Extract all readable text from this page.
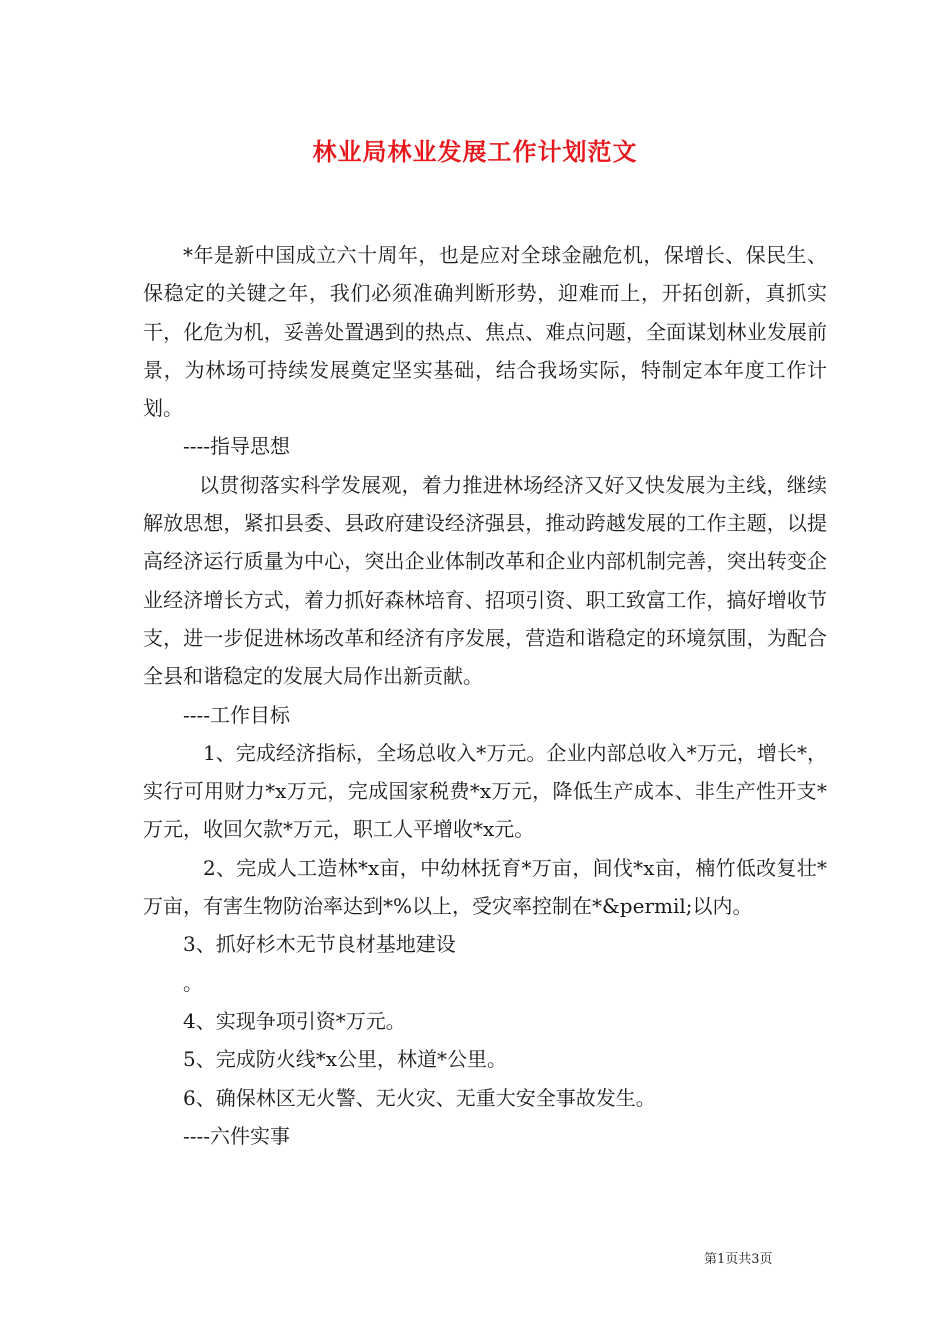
林业局林业发展工作计划范文

*年是新中国成立六十周年，也是应对全球金融危机，保增长、保民生、保稳定的关键之年，我们必须准确判断形势，迎难而上，开拓创新，真抓实干，化危为机，妥善处置遇到的热点、焦点、难点问题，全面谋划林业发展前景，为林场可持续发展奠定坚实基础，结合我场实际，特制定本年度工作计划。

----指导思想

以贯彻落实科学发展观，着力推进林场经济又好又快发展为主线，继续解放思想，紧扣县委、县政府建设经济强县，推动跨越发展的工作主题，以提高经济运行质量为中心，突出企业体制改革和企业内部机制完善，突出转变企业经济增长方式，着力抓好森林培育、招项引资、职工致富工作，搞好增收节支，进一步促进林场改革和经济有序发展，营造和谐稳定的环境氛围，为配合全县和谐稳定的发展大局作出新贡献。

----工作目标

1、完成经济指标，全场总收入*万元。企业内部总收入*万元，增长*，实行可用财力*x万元，完成国家税费*x万元，降低生产成本、非生产性开支*万元，收回欠款*万元，职工人平增收*x元。

2、完成人工造林*x亩，中幼林抚育*万亩，间伐*x亩，楠竹低改复壮*万亩，有害生物防治率达到*%以上，受灾率控制在*&permil;以内。

3、抓好杉木无节良材基地建设

。

4、实现争项引资*万元。

5、完成防火线*x公里，林道*公里。

6、确保林区无火警、无火灾、无重大安全事故发生。

----六件实事

第1页共3页
